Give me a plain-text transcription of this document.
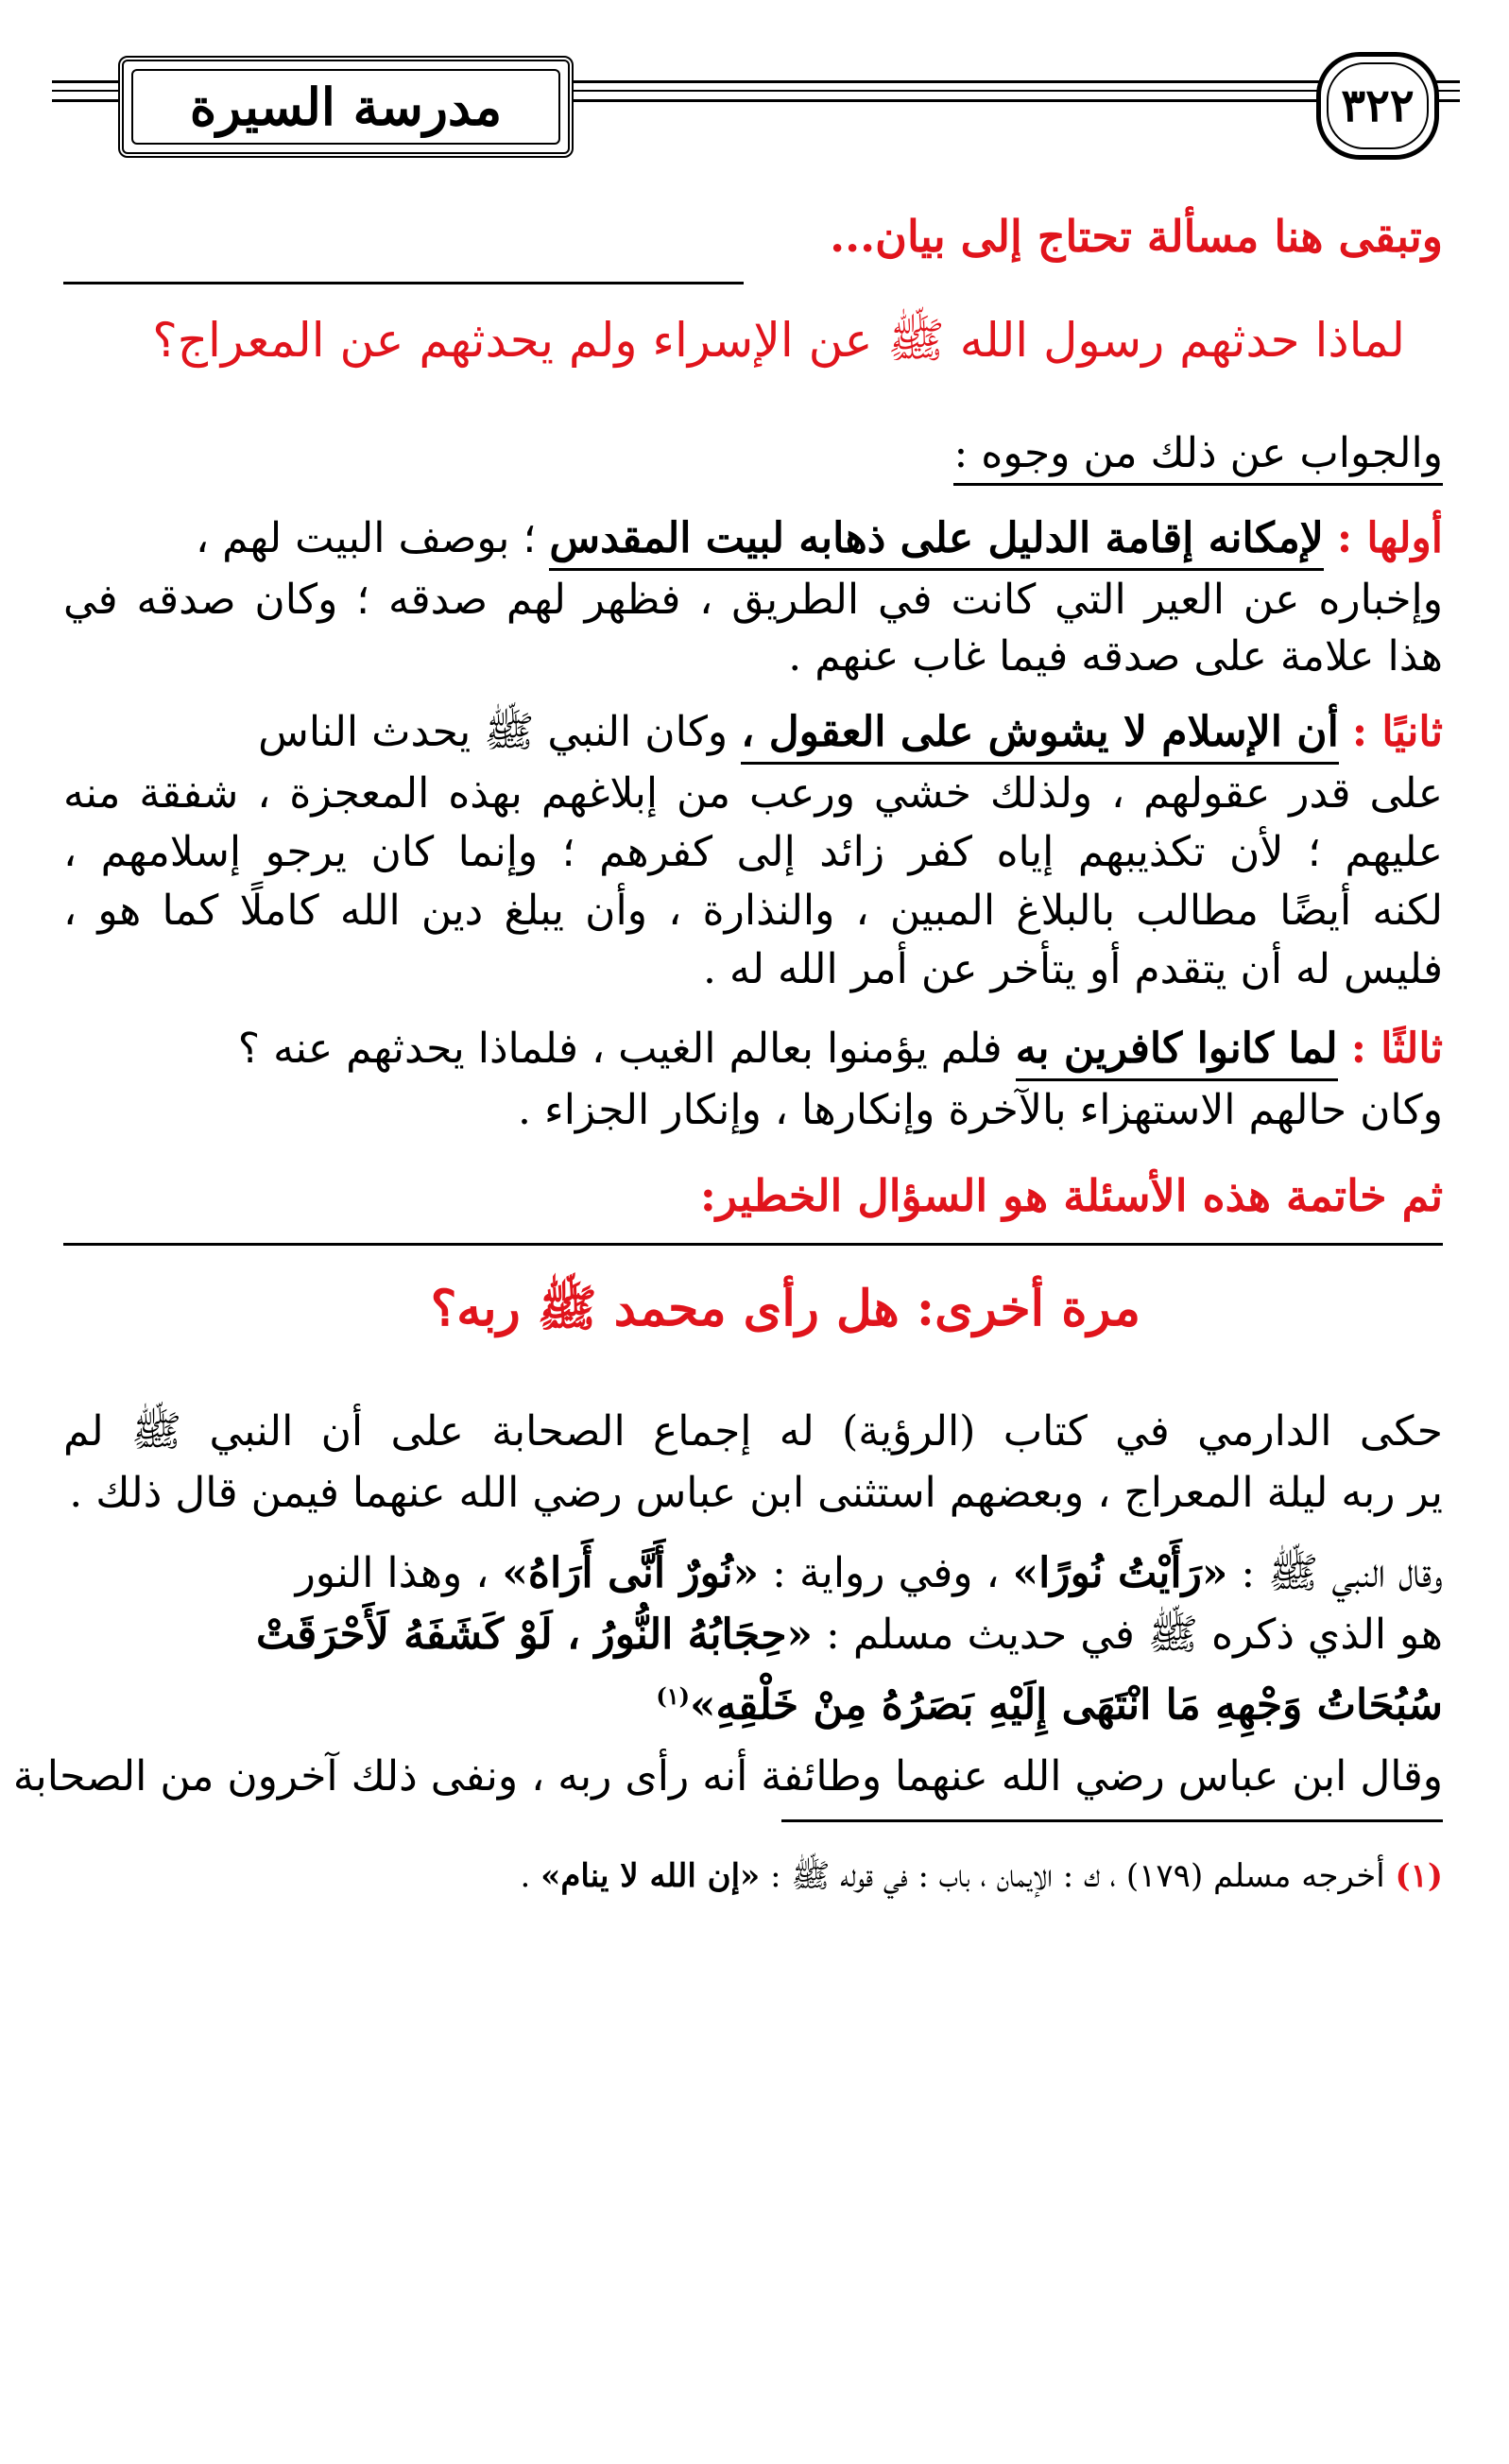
مدرسة السيرة	٣٢٢
وتبقى هنا مسألة تحتاج إلى بيان...
لماذا حدثهم رسول الله ﷺ عن الإسراء ولم يحدثهم عن المعراج؟
والجواب عن ذلك من وجوه :
أولها : لإمكانه إقامة الدليل على ذهابه لبيت المقدس ؛ بوصف البيت لهم ،
وإخباره عن العير التي كانت في الطريق ، فظهر لهم صدقه ؛ وكان صدقه في
هذا علامة على صدقه فيما غاب عنهم .
ثانيًا : أن الإسلام لا يشوش على العقول ، وكان النبي ﷺ يحدث الناس
على قدر عقولهم ، ولذلك خشي ورعب من إبلاغهم بهذه المعجزة ، شفقة منه
عليهم ؛ لأن تكذيبهم إياه كفر زائد إلى كفرهم ؛ وإنما كان يرجو إسلامهم ،
لكنه أيضًا مطالب بالبلاغ المبين ، والنذارة ، وأن يبلغ دين الله كاملًا كما هو ،
فليس له أن يتقدم أو يتأخر عن أمر الله له .
ثالثًا : لما كانوا كافرين به فلم يؤمنوا بعالم الغيب ، فلماذا يحدثهم عنه ؟
وكان حالهم الاستهزاء بالآخرة وإنكارها ، وإنكار الجزاء .
ثم خاتمة هذه الأسئلة هو السؤال الخطير:
مرة أخرى: هل رأى محمد ﷺ ربه؟
حكى الدارمي في كتاب (الرؤية) له إجماع الصحابة على أن النبي ﷺ لم
ير ربه ليلة المعراج ، وبعضهم استثنى ابن عباس رضي الله عنهما فيمن قال ذلك .
وقال النبي ﷺ : «رَأَيْتُ نُورًا» ، وفي رواية : «نُورٌ أَنَّى أَرَاهُ» ، وهذا النور
هو الذي ذكره ﷺ في حديث مسلم : «حِجَابُهُ النُّورُ ، لَوْ كَشَفَهُ لَأَحْرَقَتْ
سُبُحَاتُ وَجْهِهِ مَا انْتَهَى إِلَيْهِ بَصَرُهُ مِنْ خَلْقِهِ»$^{(١)}$
وقال ابن عباس رضي الله عنهما وطائفة أنه رأى ربه ، ونفى ذلك آخرون من الصحابة
(١) أخرجه مسلم (١٧٩) ، ك : الإيمان ، باب : في قوله ﷺ : «إن الله لا ينام» .
